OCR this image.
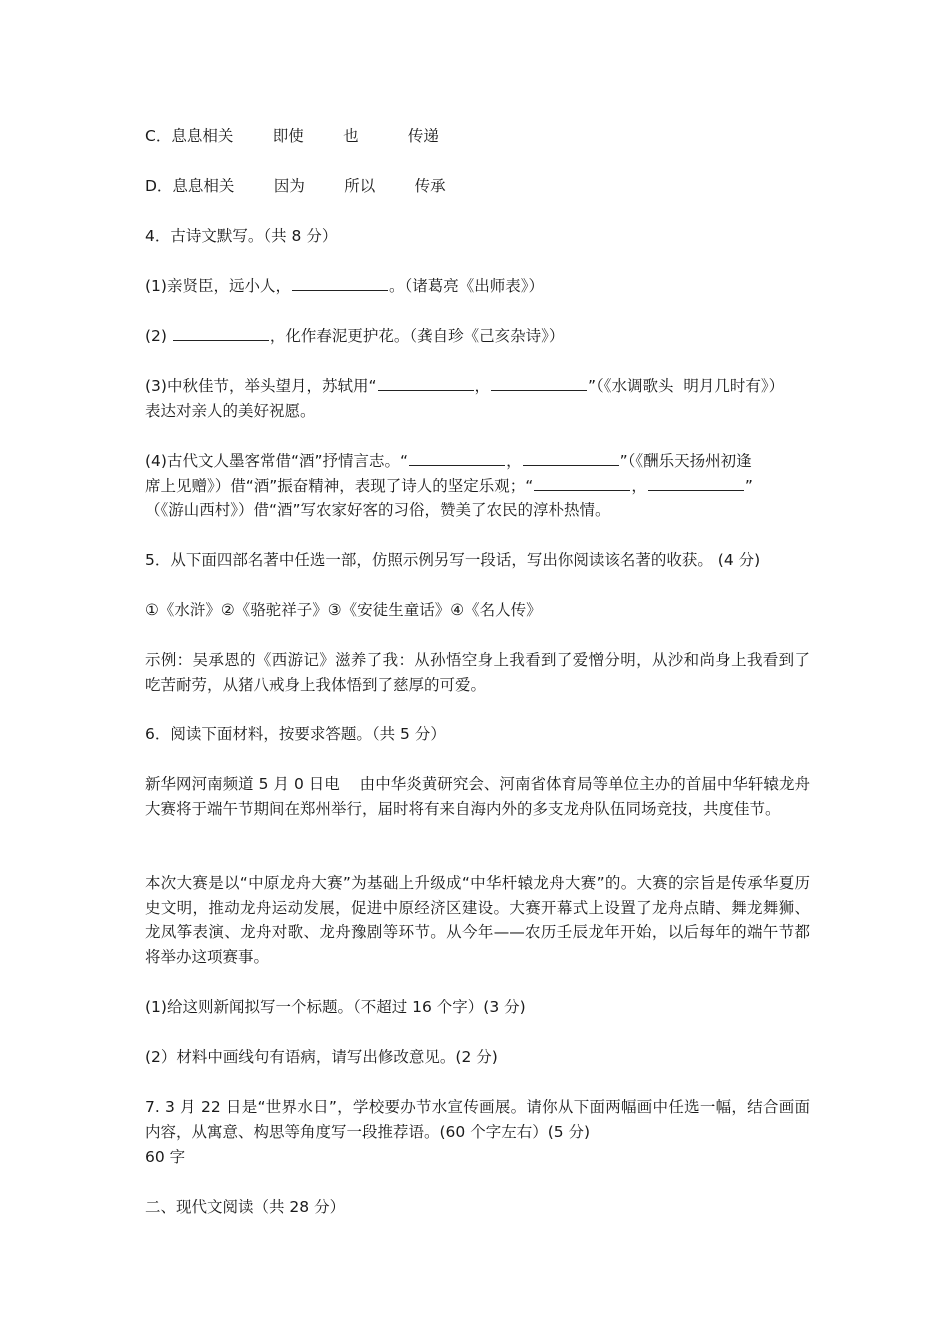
C．息息相关        即使        也          传递
D．息息相关        因为        所以        传承
4．古诗文默写。（共 8 分）
(1)亲贤臣，远小人，	。（诸葛亮《出师表》）
(2)	，化作春泥更护花。（龚自珍《己亥杂诗》）
(3)中秋佳节，举头望月，苏轼用“	，	”（《水调歌头  明月几时有》）
表达对亲人的美好祝愿。
(4)古代文人墨客常借“酒”抒情言志。“	，	”（《酬乐天扬州初逢
席上见赠》）借“酒”振奋精神，表现了诗人的坚定乐观；“	，	”
（《游山西村》）借“酒”写农家好客的习俗，赞美了农民的淳朴热情。
5．从下面四部名著中任选一部，仿照示例另写一段话，写出你阅读该名著的收获。 (4 分)
①《水浒》②《骆驼祥子》③《安徒生童话》④《名人传》
示例：吴承恩的《西游记》滋养了我：从孙悟空身上我看到了爱憎分明，从沙和尚身上我看到了吃苦耐劳，从猪八戒身上我体悟到了慈厚的可爱。
6．阅读下面材料，按要求答题。（共 5 分）
新华网河南频道 5 月 0 日电    由中华炎黄研究会、河南省体育局等单位主办的首届中华轩辕龙舟大赛将于端午节期间在郑州举行，届时将有来自海内外的多支龙舟队伍同场竞技，共度佳节。
本次大赛是以“中原龙舟大赛”为基础上升级成“中华杆辕龙舟大赛”的。大赛的宗旨是传承华夏历史文明，推动龙舟运动发展，促进中原经济区建设。大赛开幕式上设置了龙舟点睛、舞龙舞狮、龙凤筝表演、龙舟对歌、龙舟豫剧等环节。从今年——农历壬辰龙年开始，以后每年的端午节都将举办这项赛事。
(1)给这则新闻拟写一个标题。（不超过 16 个字）(3 分)
(2）材料中画线句有语病，请写出修改意见。(2 分)
7. 3 月 22 日是“世界水日”，学校要办节水宣传画展。请你从下面两幅画中任选一幅，结合画面内容，从寓意、构思等角度写一段推荐语。(60 个字左右）(5 分)
60 字
二、现代文阅读（共 28 分）
